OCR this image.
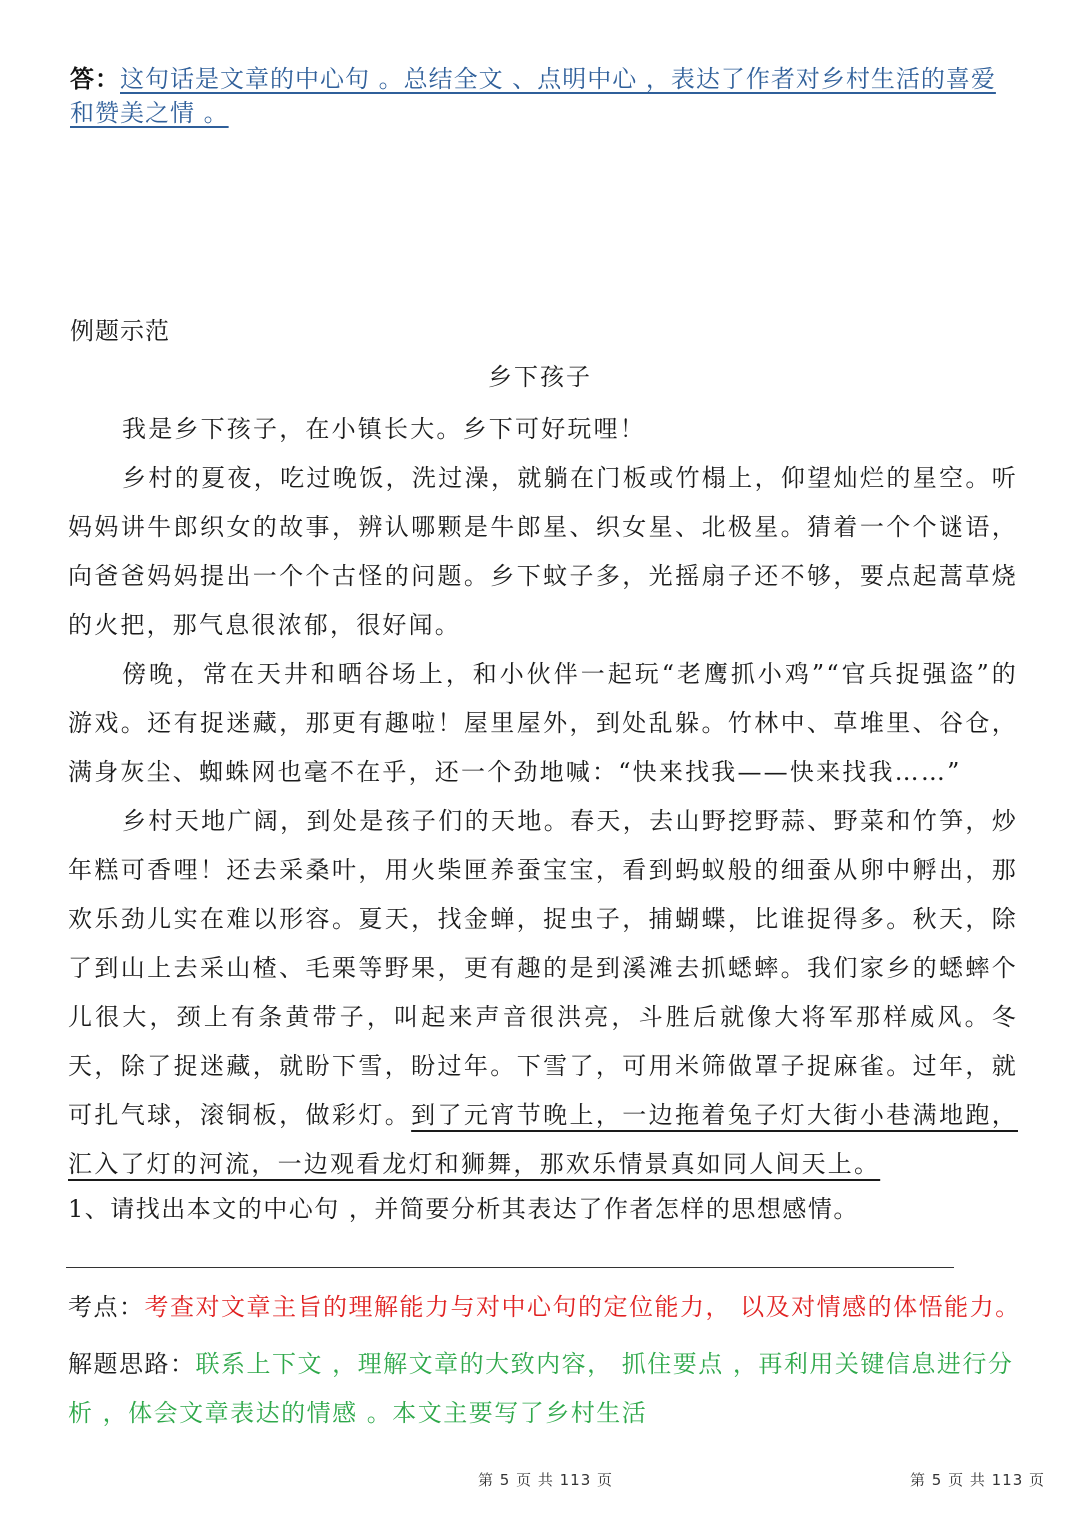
答：这句话是文章的中心句 。总结全文 、点明中心 ，表达了作者对乡村生活的喜爱 和赞美之情 。
例题示范
乡下孩子

我是乡下孩子，在小镇长大。乡下可好玩哩！

乡村的夏夜，吃过晚饭，洗过澡，就躺在门板或竹榻上，仰望灿烂的星空。听妈妈讲牛郎织女的故事，辨认哪颗是牛郎星、织女星、北极星。猜着一个个谜语，向爸爸妈妈提出一个个古怪的问题。乡下蚊子多，光摇扇子还不够，要点起蒿草烧的火把，那气息很浓郁，很好闻。

傍晚，常在天井和晒谷场上，和小伙伴一起玩“老鹰抓小鸡”“官兵捉强盗”的游戏。还有捉迷藏，那更有趣啦！屋里屋外，到处乱躲。竹林中、草堆里、谷仓，满身灰尘、蜘蛛网也毫不在乎，还一个劲地喊：“快来找我——快来找我……”

乡村天地广阔，到处是孩子们的天地。春天，去山野挖野蒜、野菜和竹笋，炒年糕可香哩！还去采桑叶，用火柴匣养蚕宝宝，看到蚂蚁般的细蚕从卵中孵出，那欢乐劲儿实在难以形容。夏天，找金蝉，捉虫子，捕蝴蝶，比谁捉得多。秋天，除了到山上去采山楂、毛栗等野果，更有趣的是到溪滩去抓蟋蟀。我们家乡的蟋蟀个儿很大，颈上有条黄带子，叫起来声音很洪亮，斗胜后就像大将军那样威风。冬天，除了捉迷藏，就盼下雪，盼过年。下雪了，可用米筛做罩子捉麻雀。过年，就可扎气球，滚铜板，做彩灯。到了元宵节晚上，一边拖着兔子灯大街小巷满地跑，汇入了灯的河流，一边观看龙灯和狮舞，那欢乐情景真如同人间天上。

1、请找出本文的中心句 ，并简要分析其表达了作者怎样的思想感情。
考点：考查对文章主旨的理解能力与对中心句的定位能力， 以及对情感的体悟能力。
解题思路：联系上下文 ，理解文章的大致内容， 抓住要点 ，再利用关键信息进行分析 ，体会文章表达的情感 。本文主要写了乡村生活
第 5 页 共 113 页	第 5 页 共 113 页
